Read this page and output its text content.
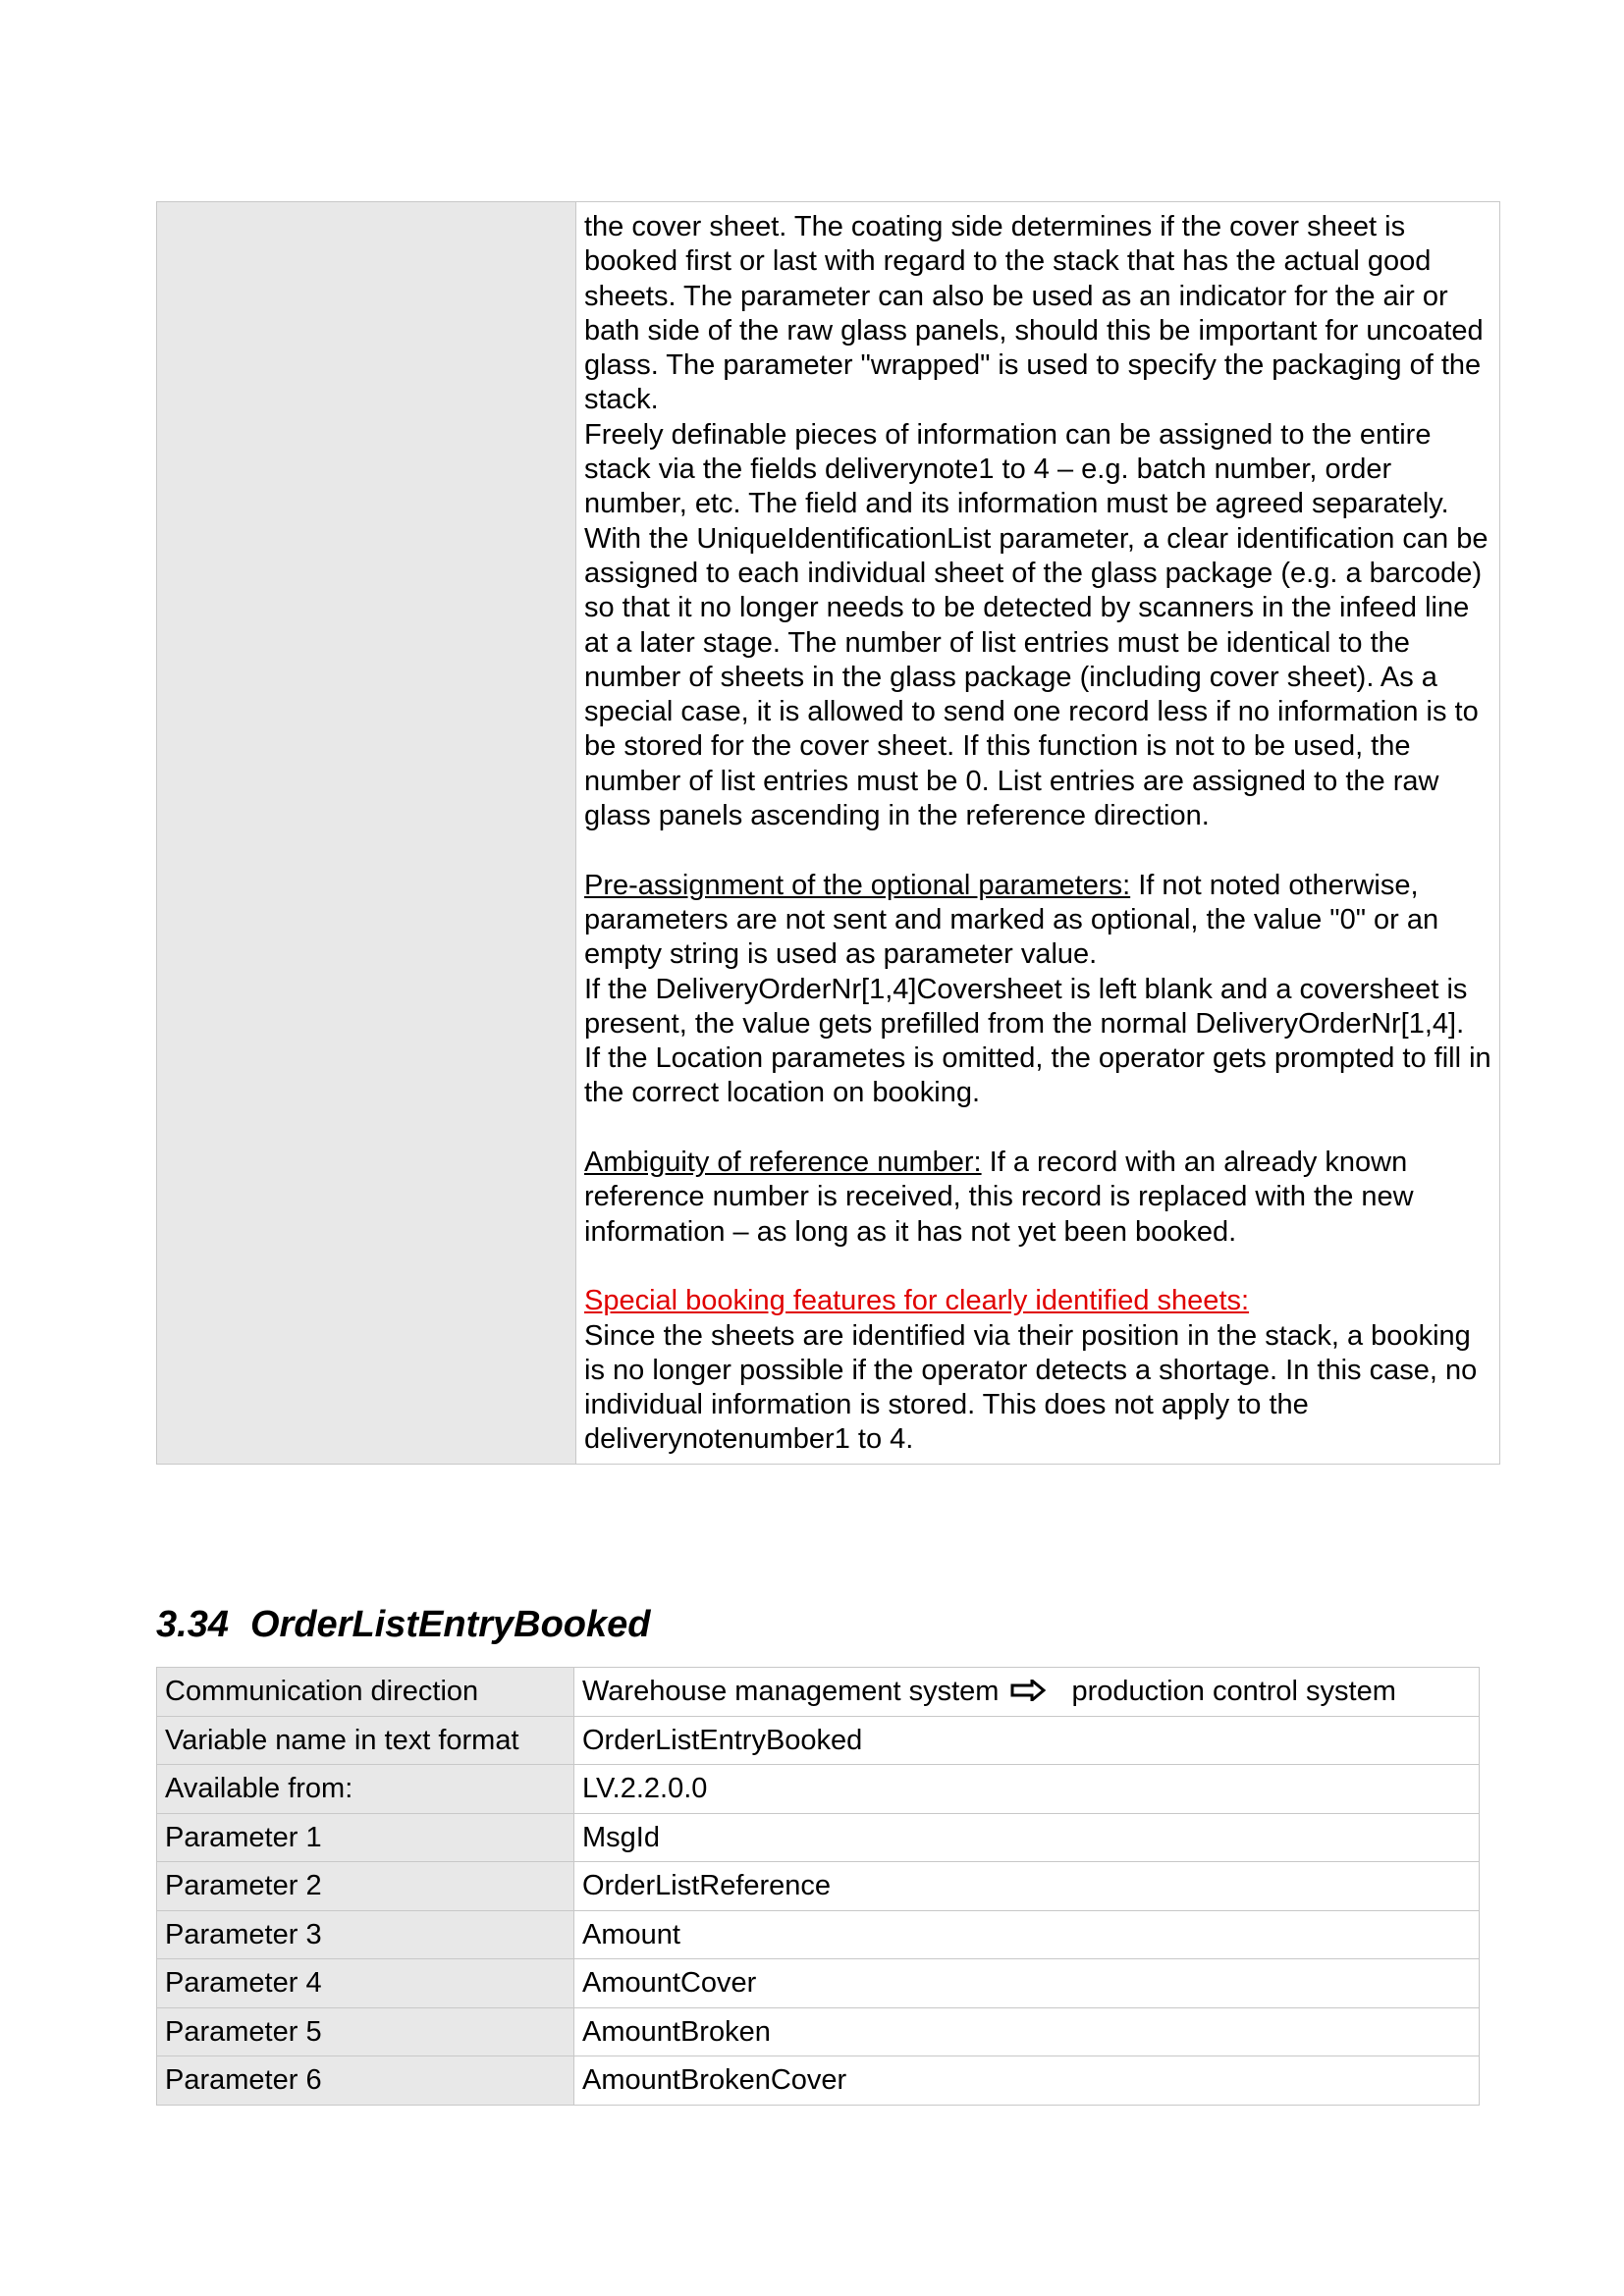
the cover sheet. The coating side determines if the cover sheet is booked first or last with regard to the stack that has the actual good sheets. The parameter can also be used as an indicator for the air or bath side of the raw glass panels, should this be important for uncoated glass. The parameter "wrapped" is used to specify the packaging of the stack.

Freely definable pieces of information can be assigned to the entire stack via the fields deliverynote1 to 4 – e.g. batch number, order number, etc. The field and its information must be agreed separately.

With the UniqueIdentificationList parameter, a clear identification can be assigned to each individual sheet of the glass package (e.g. a barcode) so that it no longer needs to be detected by scanners in the infeed line at a later stage. The number of list entries must be identical to the number of sheets in the glass package (including cover sheet). As a special case, it is allowed to send one record less if no information is to be stored for the cover sheet. If this function is not to be used, the number of list entries must be 0. List entries are assigned to the raw glass panels ascending in the reference direction.

Pre-assignment of the optional parameters: If not noted otherwise, parameters are not sent and marked as optional, the value "0" or an empty string is used as parameter value.

If the DeliveryOrderNr[1,4]Coversheet is left blank and a coversheet is present, the value gets prefilled from the normal DeliveryOrderNr[1,4].

If the Location parametes is omitted, the operator gets prompted to fill in the correct location on booking.

Ambiguity of reference number: If a record with an already known reference number is received, this record is replaced with the new information – as long as it has not yet been booked.

Special booking features for clearly identified sheets:

Since the sheets are identified via their position in the stack, a booking is no longer possible if the operator detects a shortage. In this case, no individual information is stored. This does not apply to the deliverynotenumber1 to 4.

3.34 OrderListEntryBooked
Communication direction	Warehouse management system production control system
Variable name in text format	OrderListEntryBooked
Available from:	LV.2.2.0.0
Parameter 1	MsgId
Parameter 2	OrderListReference
Parameter 3	Amount
Parameter 4	AmountCover
Parameter 5	AmountBroken
Parameter 6	AmountBrokenCover
